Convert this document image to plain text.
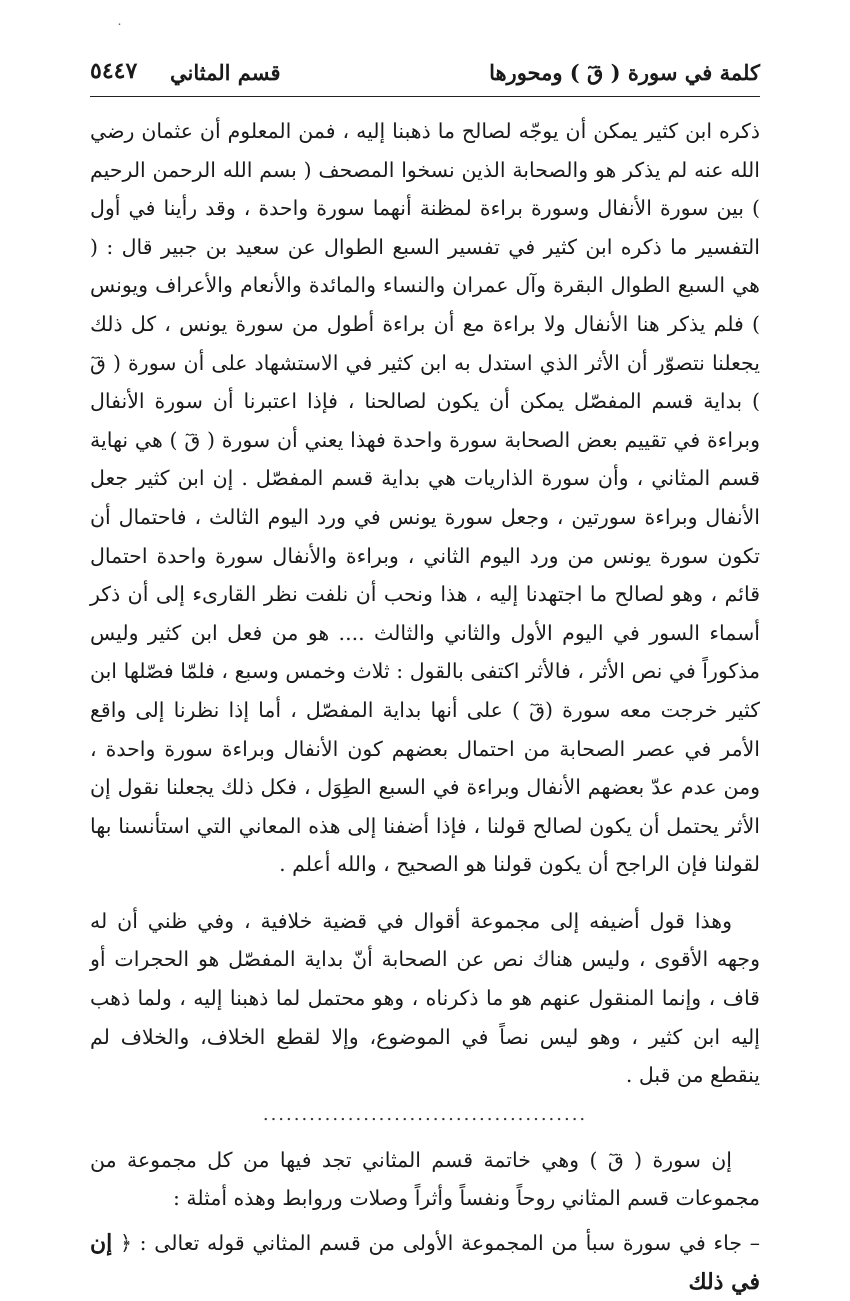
˙
كلمة في سورة ( قٓ ) ومحورها
قسم المثاني
٥٤٤٧

ذكره ابن كثير يمكن أن يوجّه لصالح ما ذهبنا إليه ، فمن المعلوم أن عثمان رضي الله عنه لم يذكر هو والصحابة الذين نسخوا المصحف ( بسم الله الرحمن الرحيم ) بين سورة الأنفال وسورة براءة لمظنة أنهما سورة واحدة ، وقد رأينا في أول التفسير ما ذكره ابن كثير في تفسير السبع الطوال عن سعيد بن جبير قال : ( هي السبع الطوال البقرة وآل عمران والنساء والمائدة والأنعام والأعراف ويونس ) فلم يذكر هنا الأنفال ولا براءة مع أن براءة أطول من سورة يونس ، كل ذلك يجعلنا نتصوّر أن الأثر الذي استدل به ابن كثير في الاستشهاد على أن سورة ( قٓ ) بداية قسم المفصّل يمكن أن يكون لصالحنا ، فإذا اعتبرنا أن سورة الأنفال وبراءة في تقييم بعض الصحابة سورة واحدة فهذا يعني أن سورة ( قٓ ) هي نهاية قسم المثاني ، وأن سورة الذاريات هي بداية قسم المفصّل . إن ابن كثير جعل الأنفال وبراءة سورتين ، وجعل سورة يونس في ورد اليوم الثالث ، فاحتمال أن تكون سورة يونس من ورد اليوم الثاني ، وبراءة والأنفال سورة واحدة احتمال قائم ، وهو لصالح ما اجتهدنا إليه ، هذا ونحب أن نلفت نظر القارىء إلى أن ذكر أسماء السور في اليوم الأول والثاني والثالث .... هو من فعل ابن كثير وليس مذكوراً في نص الأثر ، فالأثر اكتفى بالقول : ثلاث وخمس وسبع ، فلمّا فصّلها ابن كثير خرجت معه سورة (قٓ ) على أنها بداية المفصّل ، أما إذا نظرنا إلى واقع الأمر في عصر الصحابة من احتمال بعضهم كون الأنفال وبراءة سورة واحدة ، ومن عدم عدّ بعضهم الأنفال وبراءة في السبع الطِوَل ، فكل ذلك يجعلنا نقول إن الأثر يحتمل أن يكون لصالح قولنا ، فإذا أضفنا إلى هذه المعاني التي استأنسنا بها لقولنا فإن الراجح أن يكون قولنا هو الصحيح ، والله أعلم .

وهذا قول أضيفه إلى مجموعة أقوال في قضية خلافية ، وفي ظني أن له وجهه الأقوى ، وليس هناك نص عن الصحابة أنّ بداية المفصّل هو الحجرات أو قاف ، وإنما المنقول عنهم هو ما ذكرناه ، وهو محتمل لما ذهبنا إليه ، ولما ذهب إليه ابن كثير ، وهو ليس نصاً في الموضوع، وإلا لقطع الخلاف، والخلاف لم ينقطع من قبل .

..........................................

إن سورة ( قٓ ) وهي خاتمة قسم المثاني تجد فيها من كل مجموعة من مجموعات قسم المثاني روحاً ونفساً وأثراً وصلات وروابط وهذه أمثلة :

– جاء في سورة سبأ من المجموعة الأولى من قسم المثاني قوله تعالى : ﴿ إن في ذلك
